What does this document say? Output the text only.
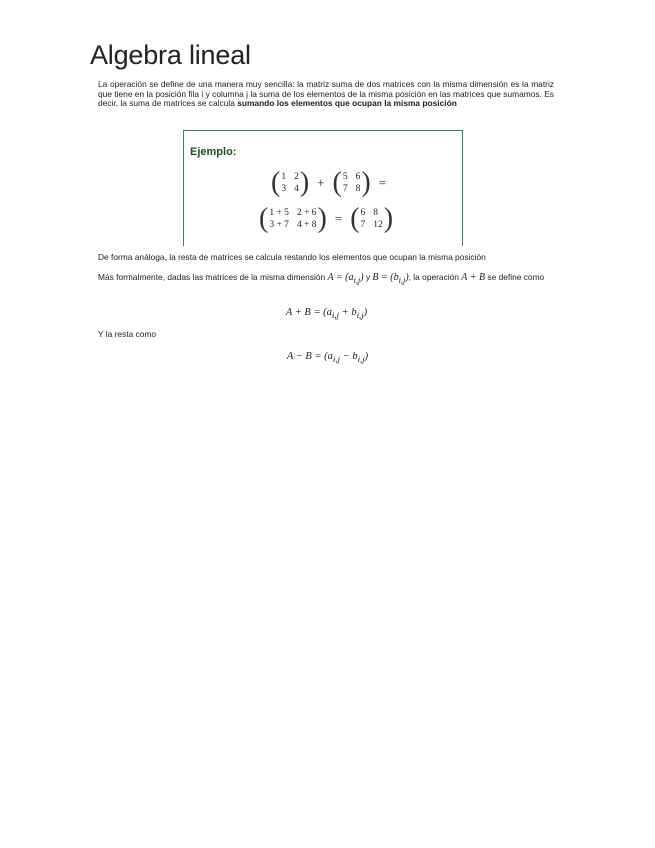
Algebra lineal
La operación se define de una manera muy sencilla: la matriz suma de dos matrices con la misma dimensión es la matriz que tiene en la posición fila i y columna j la suma de los elementos de la misma posición en las matrices que sumamos. Es decir, la suma de matrices se calcula sumando los elementos que ocupan la misma posición
Ejemplo:
( 1 2
3 4 ) + ( 5 6
7 8 ) =
( 1 + 5 2 + 6
3 + 7 4 + 8 ) = ( 6 8
7 12 )
De forma análoga, la resta de matrices se calcula restando los elementos que ocupan la misma posición
Más formalmente, dadas las matrices de la misma dimensión $A = (a_{i,j})$ y $B = (b_{i,j})$, la operación A + B se define como
$A + B = (a_{i,j} + b_{i,j})$
Y la resta como
$A - B = (a_{i,j} - b_{i,j})$
